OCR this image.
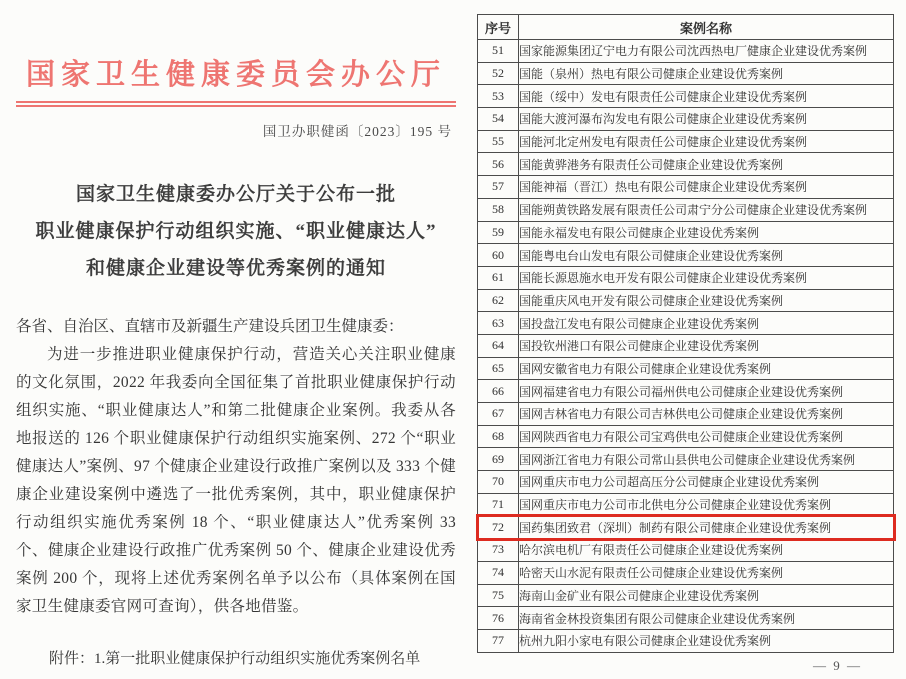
国家卫生健康委员会办公厅
国卫办职健函〔2023〕195 号
国家卫生健康委办公厅关于公布一批
职业健康保护行动组织实施、“职业健康达人”
和健康企业建设等优秀案例的通知
各省、自治区、直辖市及新疆生产建设兵团卫生健康委：
为进一步推进职业健康保护行动，营造关心关注职业健康的文化氛围，2022 年我委向全国征集了首批职业健康保护行动组织实施、“职业健康达人”和第二批健康企业案例。我委从各地报送的 126 个职业健康保护行动组织实施案例、272 个“职业健康达人”案例、97 个健康企业建设行政推广案例以及 333 个健康企业建设案例中遴选了一批优秀案例，其中，职业健康保护行动组织实施优秀案例 18 个、“职业健康达人”优秀案例 33 个、健康企业建设行政推广优秀案例 50 个、健康企业建设优秀案例 200 个，现将上述优秀案例名单予以公布（具体案例在国家卫生健康委官网可查询），供各地借鉴。
附件：1.第一批职业健康保护行动组织实施优秀案例名单
序号	案例名称
51	国家能源集团辽宁电力有限公司沈西热电厂健康企业建设优秀案例
52	国能（泉州）热电有限公司健康企业建设优秀案例
53	国能（绥中）发电有限责任公司健康企业建设优秀案例
54	国能大渡河瀑布沟发电有限公司健康企业建设优秀案例
55	国能河北定州发电有限责任公司健康企业建设优秀案例
56	国能黄骅港务有限责任公司健康企业建设优秀案例
57	国能神福（晋江）热电有限公司健康企业建设优秀案例
58	国能朔黄铁路发展有限责任公司肃宁分公司健康企业建设优秀案例
59	国能永福发电有限公司健康企业建设优秀案例
60	国能粤电台山发电有限公司健康企业建设优秀案例
61	国能长源恩施水电开发有限公司健康企业建设优秀案例
62	国能重庆风电开发有限公司健康企业建设优秀案例
63	国投盘江发电有限公司健康企业建设优秀案例
64	国投钦州港口有限公司健康企业建设优秀案例
65	国网安徽省电力有限公司健康企业建设优秀案例
66	国网福建省电力有限公司福州供电公司健康企业建设优秀案例
67	国网吉林省电力有限公司吉林供电公司健康企业建设优秀案例
68	国网陕西省电力有限公司宝鸡供电公司健康企业建设优秀案例
69	国网浙江省电力有限公司常山县供电公司健康企业建设优秀案例
70	国网重庆市电力公司超高压分公司健康企业建设优秀案例
71	国网重庆市电力公司市北供电分公司健康企业建设优秀案例
72	国药集团致君（深圳）制药有限公司健康企业建设优秀案例
73	哈尔滨电机厂有限责任公司健康企业建设优秀案例
74	哈密天山水泥有限责任公司健康企业建设优秀案例
75	海南山金矿业有限公司健康企业建设优秀案例
76	海南省金林投资集团有限公司健康企业建设优秀案例
77	杭州九阳小家电有限公司健康企业建设优秀案例
— 9 —
